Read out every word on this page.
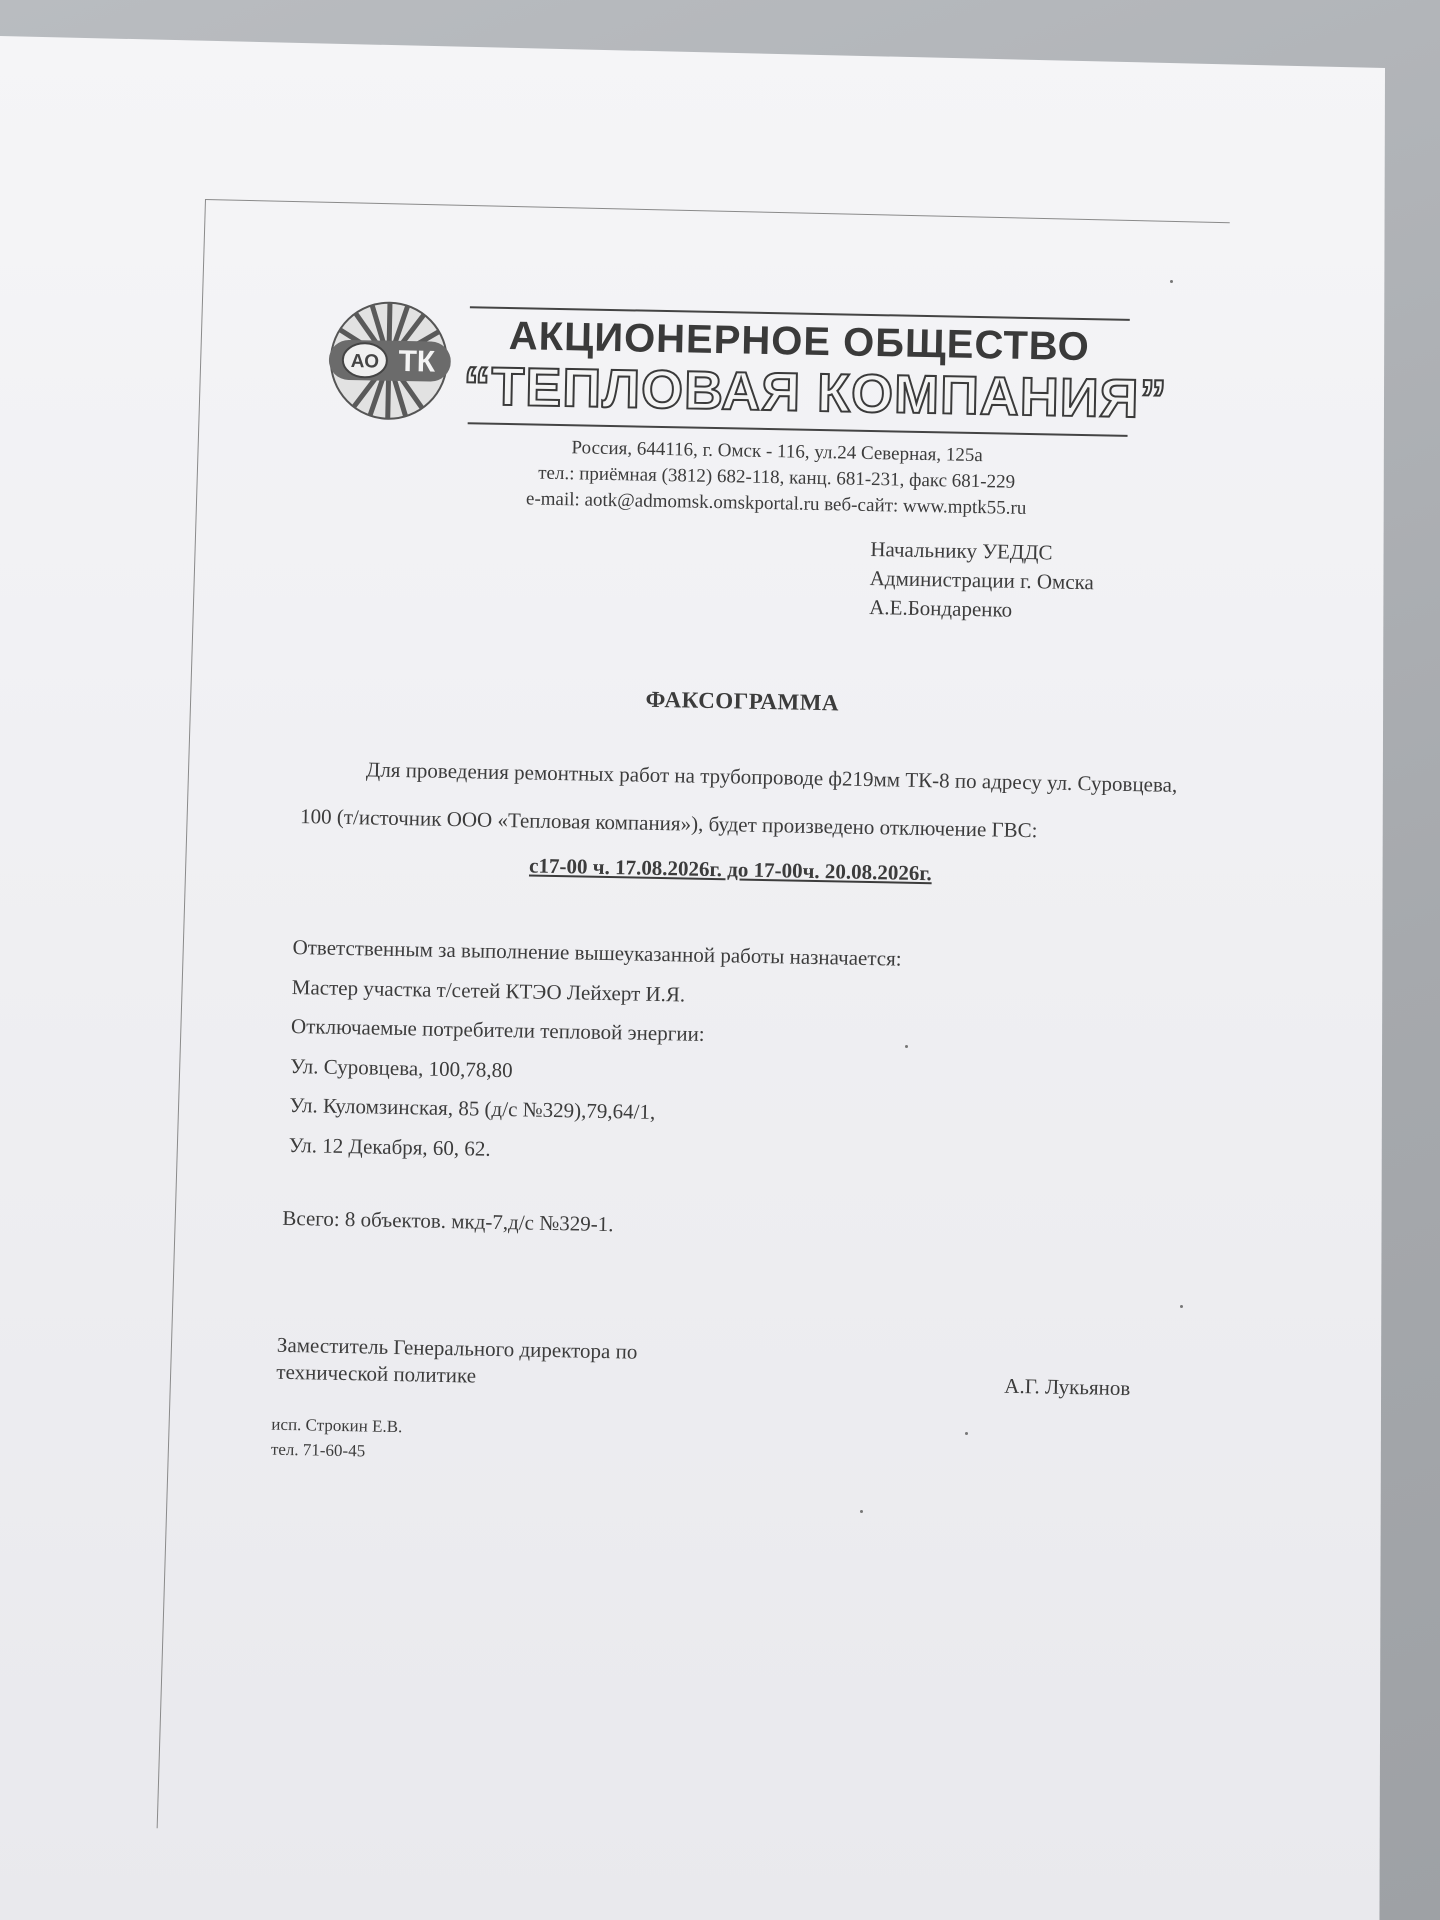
АО ТК	АКЦИОНЕРНОЕ ОБЩЕСТВО
“ТЕПЛОВАЯ КОМПАНИЯ”
Россия, 644116, г. Омск - 116, ул.24 Северная, 125а
тел.: приёмная (3812) 682-118, канц. 681-231, факс 681-229
e-mail: aotk@admomsk.omskportal.ru веб-сайт: www.mptk55.ru
Начальнику УЕДДС
Администрации г. Омска
А.Е.Бондаренко
ФАКСОГРАММА
Для проведения ремонтных работ на трубопроводе ф219мм ТК-8 по адресу ул. Суровцева,
100 (т/источник ООО «Тепловая компания»), будет произведено отключение ГВС:
с17-00 ч. 17.08.2026г. до 17-00ч. 20.08.2026г.
Ответственным за выполнение вышеуказанной работы назначается:
Мастер участка т/сетей КТЭО Лейхерт И.Я.
Отключаемые потребители тепловой энергии:
Ул. Суровцева, 100,78,80
Ул. Куломзинская, 85 (д/с №329),79,64/1,
Ул. 12 Декабря, 60, 62.
Всего: 8 объектов. мкд-7,д/с №329-1.
Заместитель Генерального директора по
технической политике	А.Г. Лукьянов
исп. Строкин Е.В.
тел. 71-60-45
